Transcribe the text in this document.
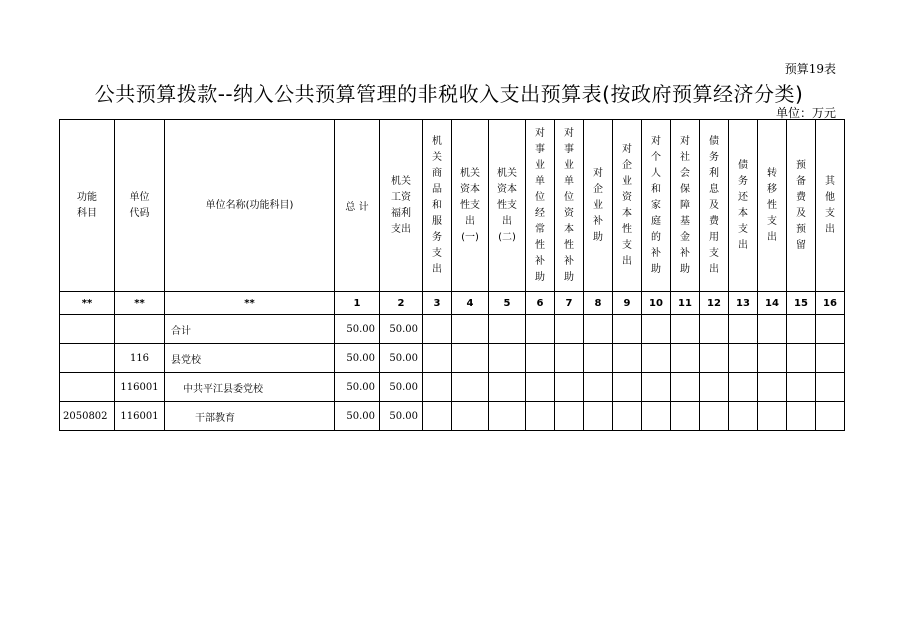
预算19表
公共预算拨款--纳入公共预算管理的非税收入支出预算表(按政府预算经济分类)
单位：万元
功能科目	单位代码	单位名称(功能科目)	总 计	机关工资福利支出	机关商品和服务支出	机关资本性支出(一)	机关资本性支出(二)	对事业单位经常性补助	对事业单位资本性补助	对企业补助	对企业资本性支出	对个人和家庭的补助	对社会保障基金补助	债务利息及费用支出	债务还本支出	转移性支出	预备费及预留	其他支出
**	**	**	1	2	3	4	5	6	7	8	9	10	11	12	13	14	15	16
		合计	50.00	50.00														
	116	县党校	50.00	50.00														
	116001	中共平江县委党校	50.00	50.00														
2050802	116001	干部教育	50.00	50.00														
